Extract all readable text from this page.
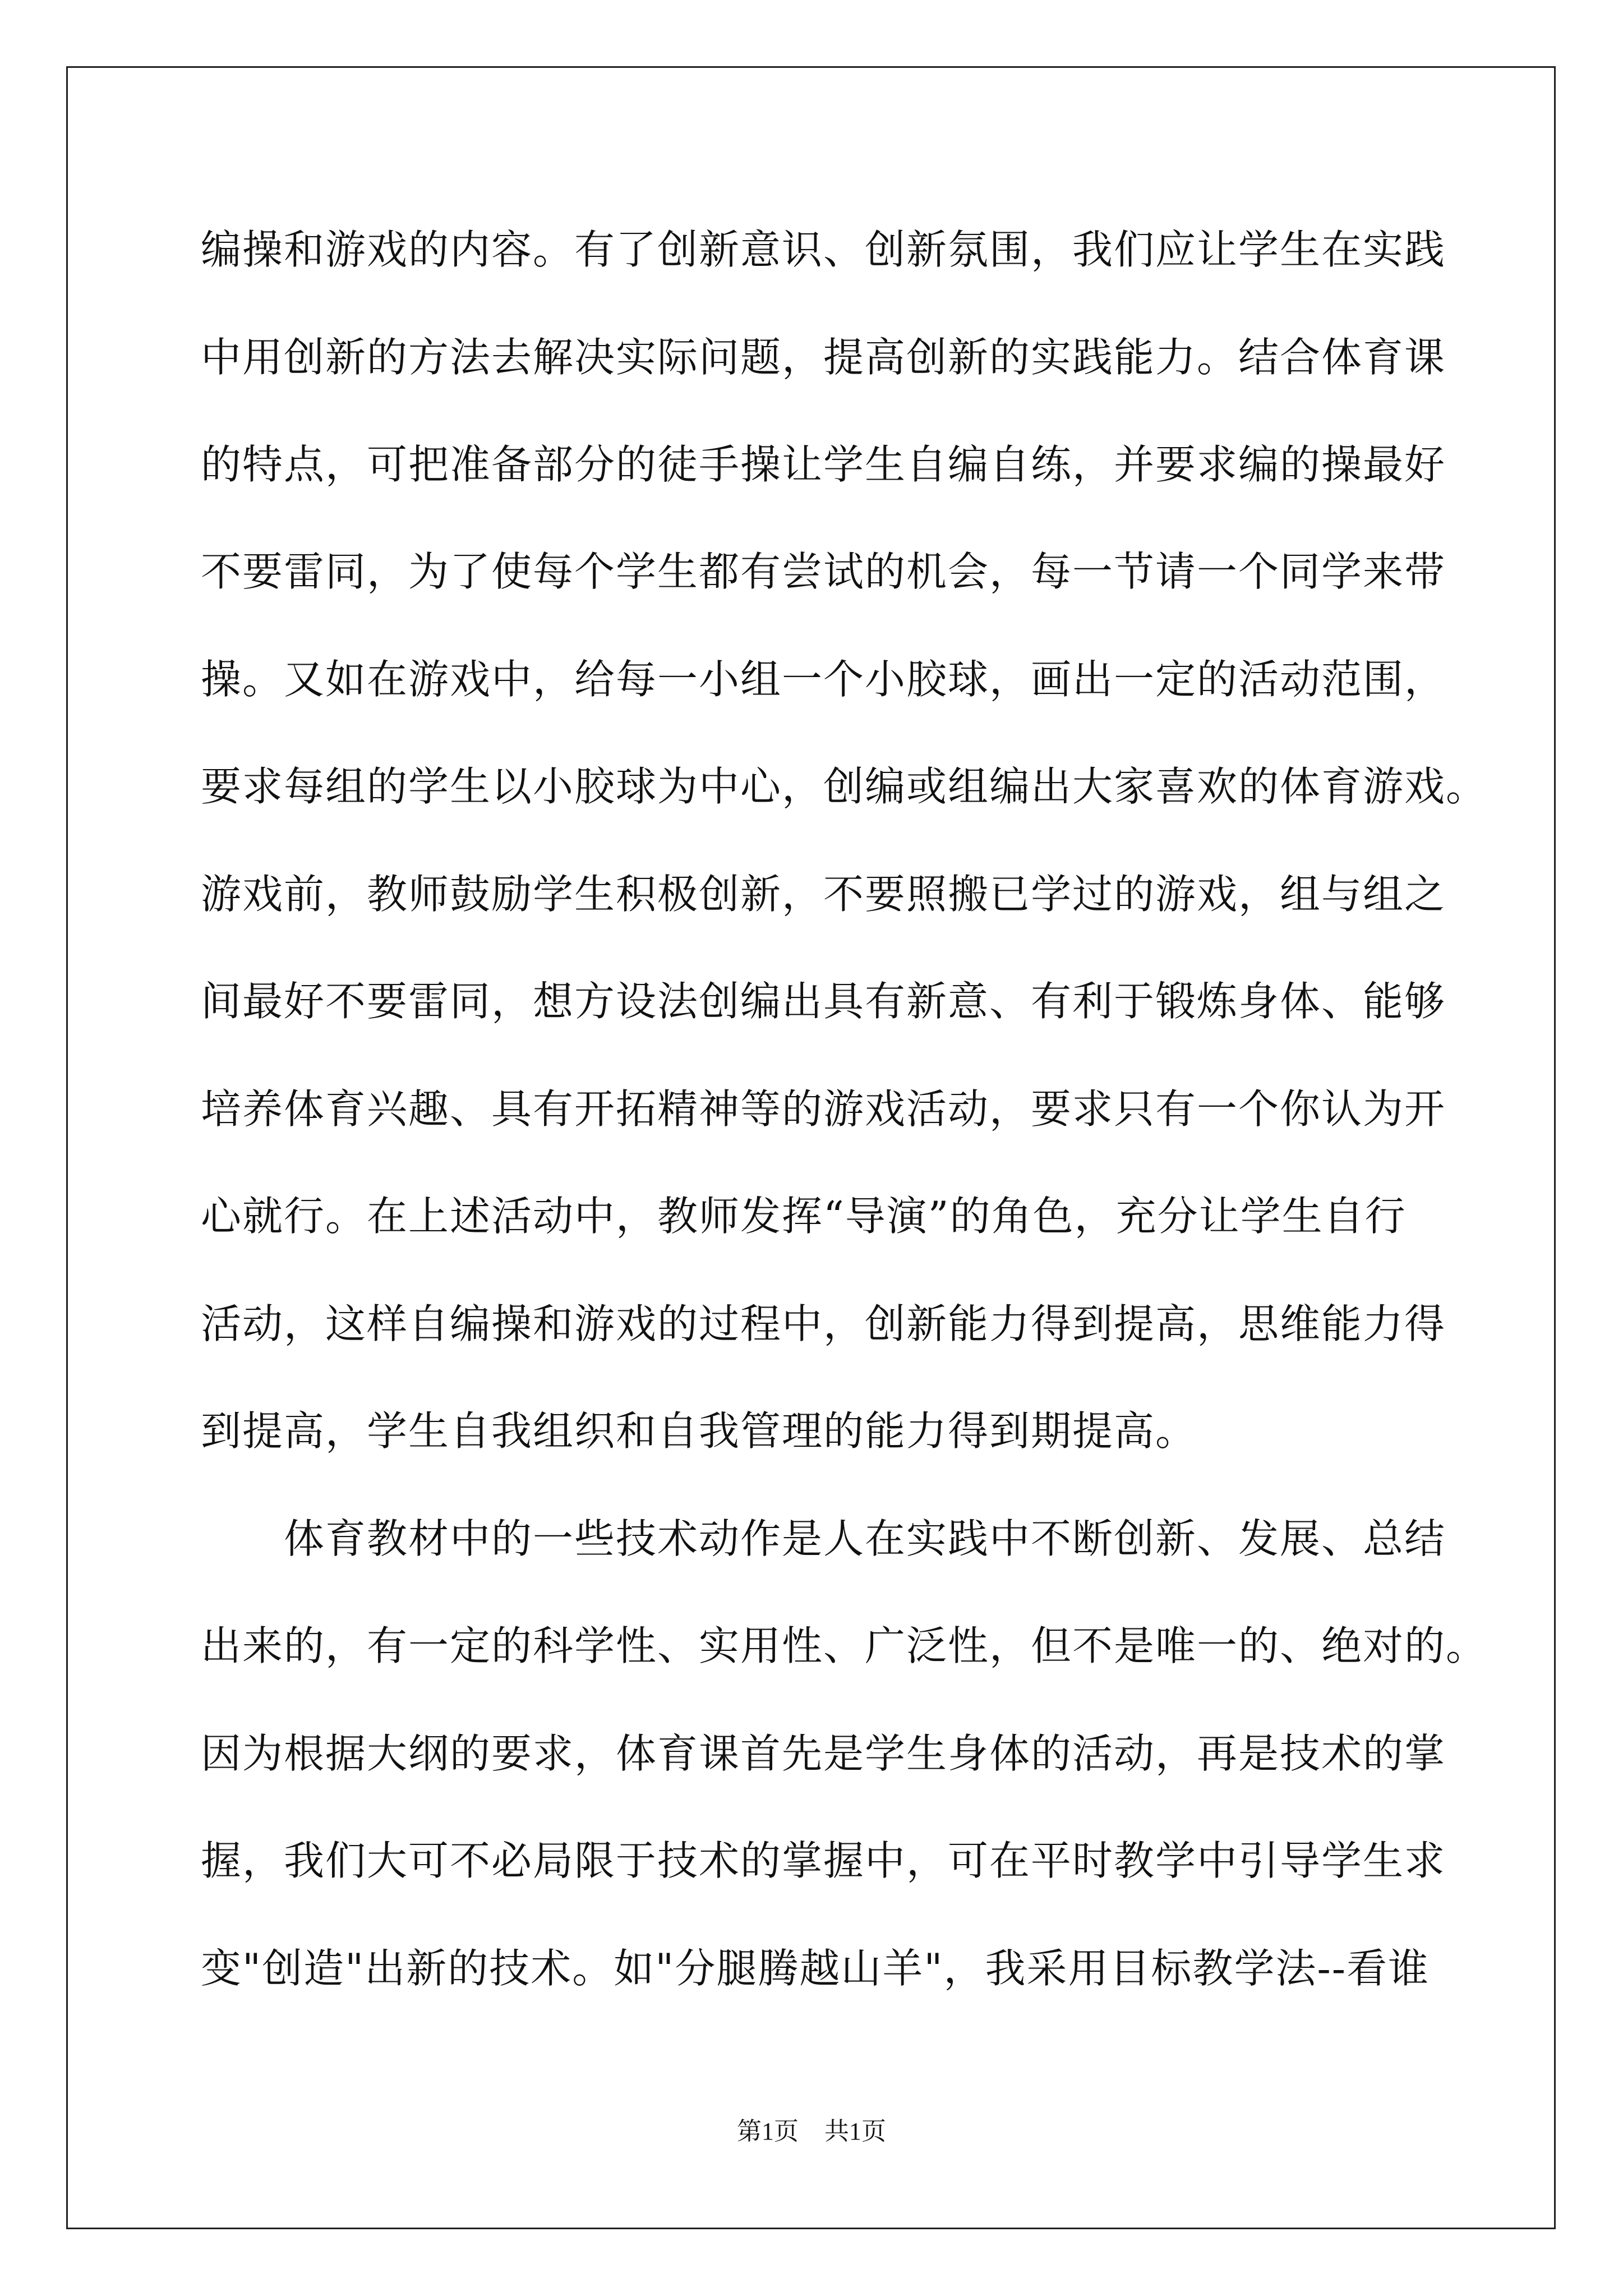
编操和游戏的内容。有了创新意识、创新氛围，我们应让学生在实践
中用创新的方法去解决实际问题，提高创新的实践能力。结合体育课
的特点，可把准备部分的徒手操让学生自编自练，并要求编的操最好
不要雷同，为了使每个学生都有尝试的机会，每一节请一个同学来带
操。又如在游戏中，给每一小组一个小胶球，画出一定的活动范围，
要求每组的学生以小胶球为中心，创编或组编出大家喜欢的体育游戏。
游戏前，教师鼓励学生积极创新，不要照搬已学过的游戏，组与组之
间最好不要雷同，想方设法创编出具有新意、有利于锻炼身体、能够
培养体育兴趣、具有开拓精神等的游戏活动，要求只有一个你认为开
心就行。在上述活动中，教师发挥“导演”的角色，充分让学生自行
活动，这样自编操和游戏的过程中，创新能力得到提高，思维能力得
到提高，学生自我组织和自我管理的能力得到期提高。
　　体育教材中的一些技术动作是人在实践中不断创新、发展、总结
出来的，有一定的科学性、实用性、广泛性，但不是唯一的、绝对的。
因为根据大纲的要求，体育课首先是学生身体的活动，再是技术的掌
握，我们大可不必局限于技术的掌握中，可在平时教学中引导学生求
变"创造"出新的技术。如"分腿腾越山羊"，我采用目标教学法--看谁
第1页 共1页
